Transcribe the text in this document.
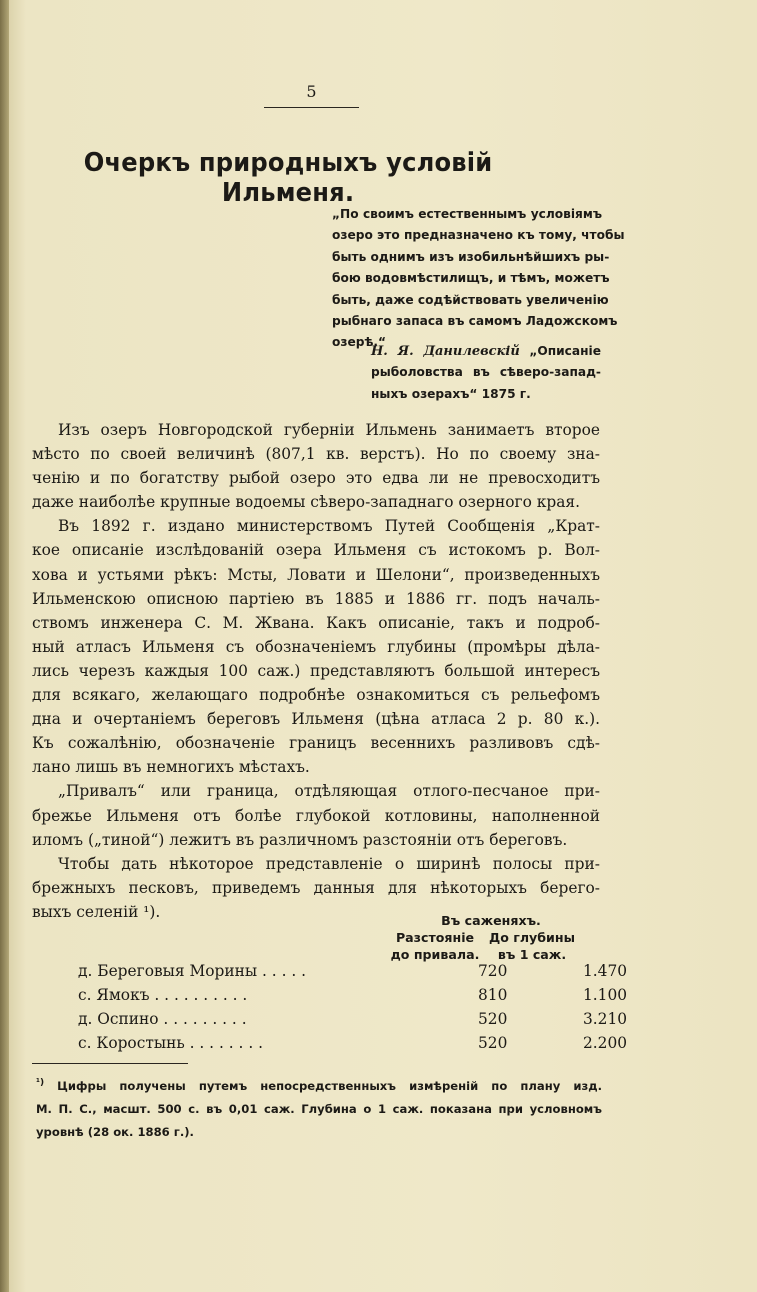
5
Очеркъ природныхъ условій Ильменя.
„По своимъ естественнымъ условіямъ
озеро это предназначено къ тому, чтобы
быть однимъ изъ изобильнѣйшихъ ры-
бою водовмѣстилищъ, и тѣмъ, можетъ
быть, даже содѣйствовать увеличенію
рыбнаго запаса въ самомъ Ладожскомъ
озерѣ.“
Н. Я. Данилевскій „Описаніе
рыболовства въ сѣверо-запад-
ныхъ озерахъ“ 1875 г.
Изъ озеръ Новгородской губерніи Ильмень занимаетъ второе
мѣсто по своей величинѣ (807,1 кв. верстъ). Но по своему зна-
ченію и по богатству рыбой озеро это едва ли не превосходитъ
даже наиболѣе крупные водоемы сѣверо-западнаго озерного края.
Въ 1892 г. издано министерствомъ Путей Сообщенія „Крат-
кое описаніе изслѣдованій озера Ильменя съ истокомъ р. Вол-
хова и устьями рѣкъ: Мсты, Ловати и Шелони“, произведенныхъ
Ильменскою описною партіею въ 1885 и 1886 гг. подъ началь-
ствомъ инженера С. М. Жвана. Какъ описаніе, такъ и подроб-
ный атласъ Ильменя съ обозначеніемъ глубины (промѣры дѣла-
лись черезъ каждыя 100 саж.) представляютъ большой интересъ
для всякаго, желающаго подробнѣе ознакомиться съ рельефомъ
дна и очертаніемъ береговъ Ильменя (цѣна атласа 2 р. 80 к.).
Къ сожалѣнію, обозначеніе границъ весеннихъ разливовъ сдѣ-
лано лишь въ немногихъ мѣстахъ.
„Привалъ“ или граница, отдѣляющая отлого-песчаное при-
брежье Ильменя отъ болѣе глубокой котловины, наполненной
иломъ („тиной“) лежитъ въ различномъ разстояніи отъ береговъ.
Чтобы дать нѣкоторое представленіе о ширинѣ полосы при-
брежныхъ песковъ, приведемъ данныя для нѣкоторыхъ берего-
выхъ селеній ¹).	Въ саженяхъ.
Разстояніе
до привала.
До глубины
въ 1 саж.
д. Береговыя Морины . . . . .	720	1.470
с. Ямокъ . . . . . . . . . .	810	1.100
д. Оспино . . . . . . . . .	520	3.210
с. Коростынь . . . . . . . .	520	2.200
$^{^1)}$ Цифры получены путемъ непосредственныхъ измѣреній по плану изд.
М. П. С., масшт. 500 с. въ 0,01 саж. Глубина о 1 саж. показана при условномъ
уровнѣ (28 ок. 1886 г.).
